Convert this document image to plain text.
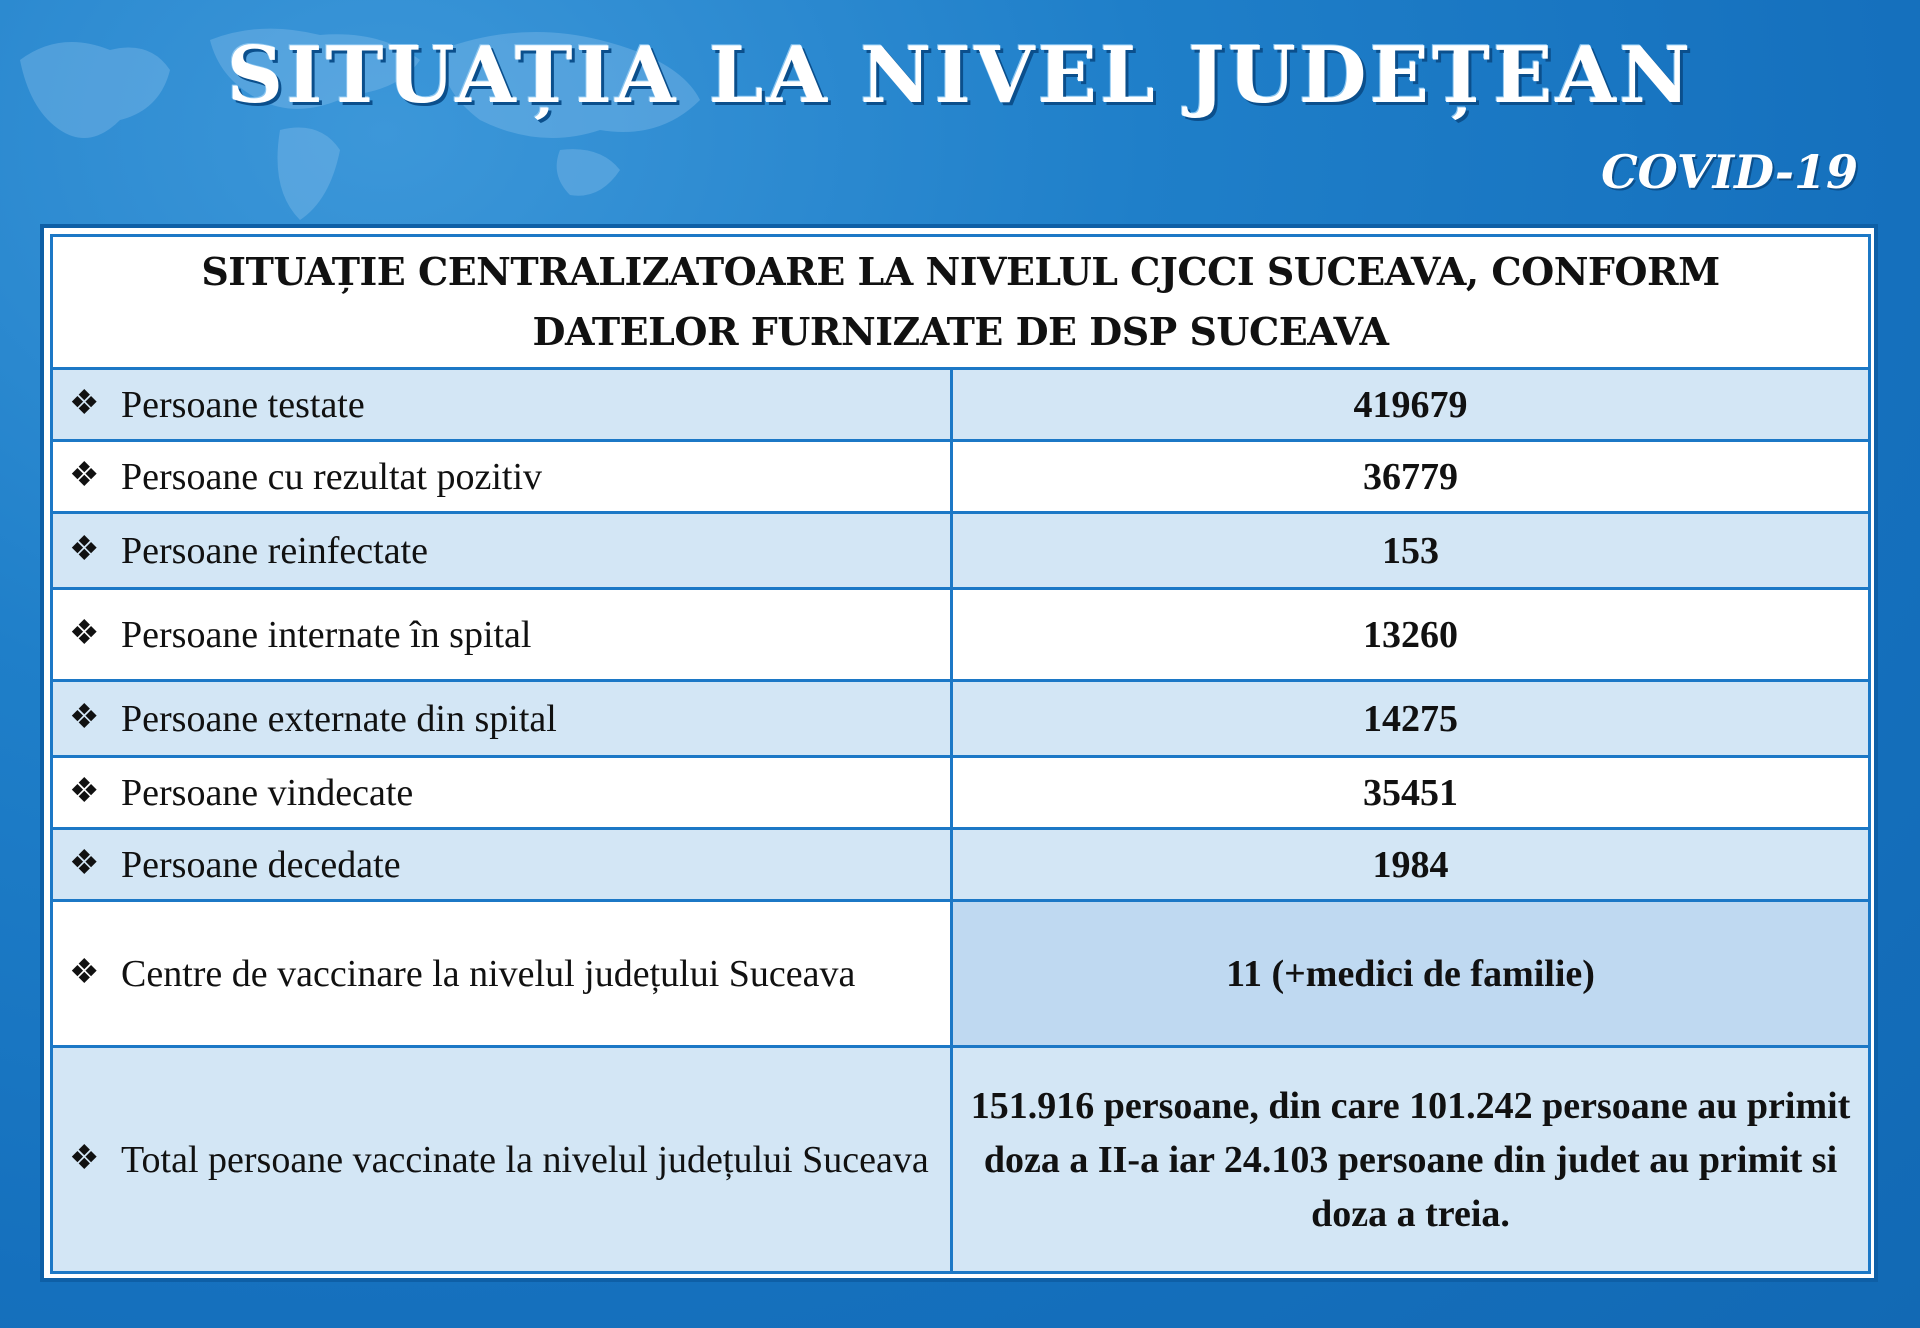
SITUAȚIA LA NIVEL JUDEȚEAN
COVID-19
SITUAȚIE CENTRALIZATOARE LA NIVELUL CJCCI SUCEAVA, CONFORM
DATELOR FURNIZATE DE DSP SUCEAVA	

❖ Persoane testate	419679

❖ Persoane cu rezultat pozitiv	36779

❖ Persoane reinfectate	153

❖ Persoane internate în spital	13260

❖ Persoane externate din spital	14275

❖ Persoane vindecate	35451

❖ Persoane decedate	1984

❖ Centre de vaccinare la nivelul județului Suceava	11 (+medici de familie)

❖ Total persoane vaccinate la nivelul județului Suceava	151.916 persoane, din care 101.242 persoane au primit doza a II-a iar 24.103 persoane din judet au primit si doza a treia.
